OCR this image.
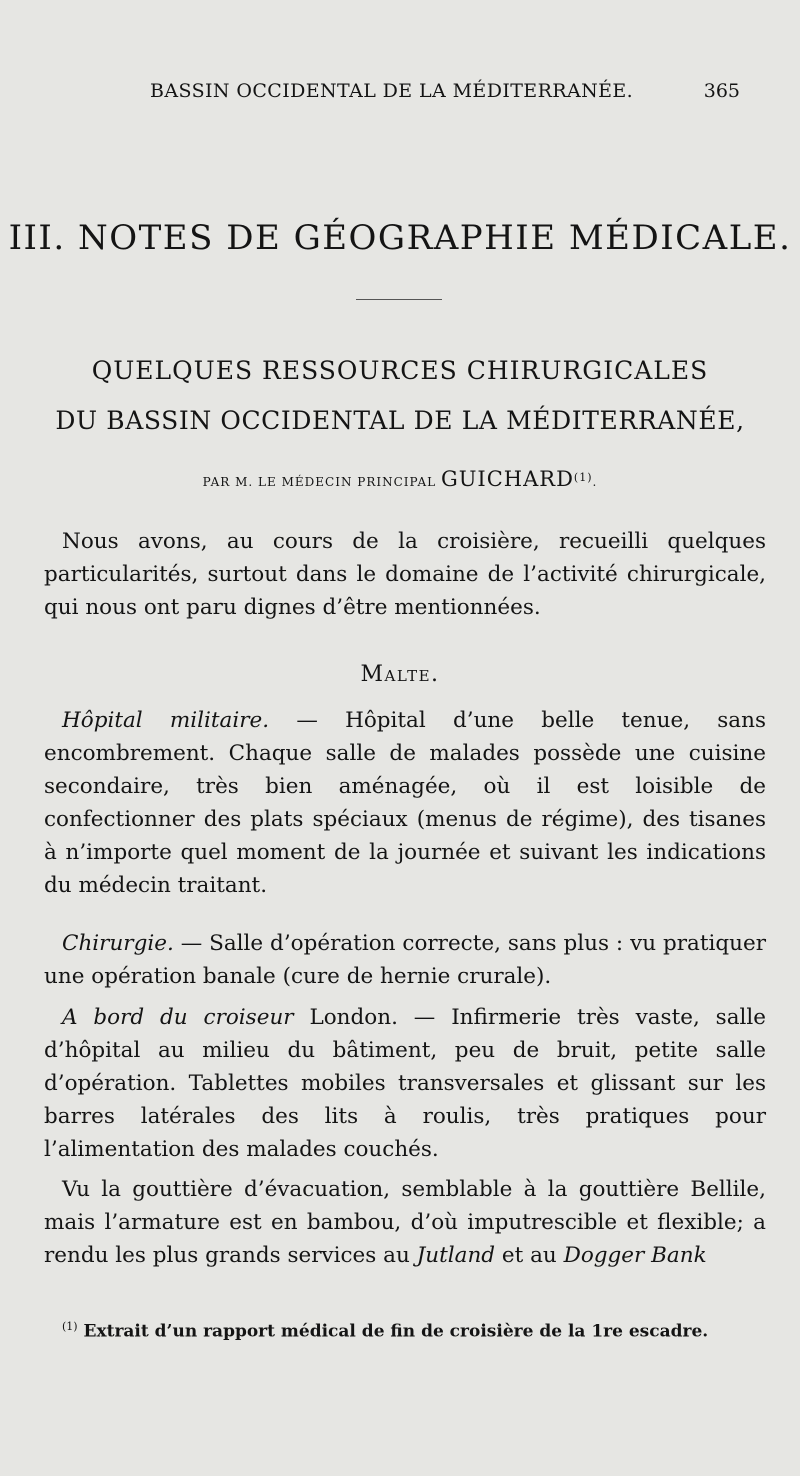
BASSIN OCCIDENTAL DE LA MÉDITERRANÉE.	365
III. NOTES DE GÉOGRAPHIE MÉDICALE.
QUELQUES RESSOURCES CHIRURGICALES
DU BASSIN OCCIDENTAL DE LA MÉDITERRANÉE,
PAR M. LE MÉDECIN PRINCIPAL GUICHARD$^{(1)}$.

Nous avons, au cours de la croisière, recueilli quelques particularités, surtout dans le domaine de l’activité chirurgicale, qui nous ont paru dignes d’être mentionnées.

Malte.

Hôpital militaire. — Hôpital d’une belle tenue, sans encombrement. Chaque salle de malades possède une cuisine secondaire, très bien aménagée, où il est loisible de confectionner des plats spéciaux (menus de régime), des tisanes à n’importe quel moment de la journée et suivant les indications du médecin traitant.

Chirurgie. — Salle d’opération correcte, sans plus : vu pratiquer une opération banale (cure de hernie crurale).

A bord du croiseur London. — Infirmerie très vaste, salle d’hôpital au milieu du bâtiment, peu de bruit, petite salle d’opération. Tablettes mobiles transversales et glissant sur les barres latérales des lits à roulis, très pratiques pour l’alimentation des malades couchés.

Vu la gouttière d’évacuation, semblable à la gouttière Bellile, mais l’armature est en bambou, d’où imputrescible et flexible; a rendu les plus grands services au Jutland et au Dogger Bank

$^{(1)}$ Extrait d’un rapport médical de fin de croisière de la 1re escadre.
